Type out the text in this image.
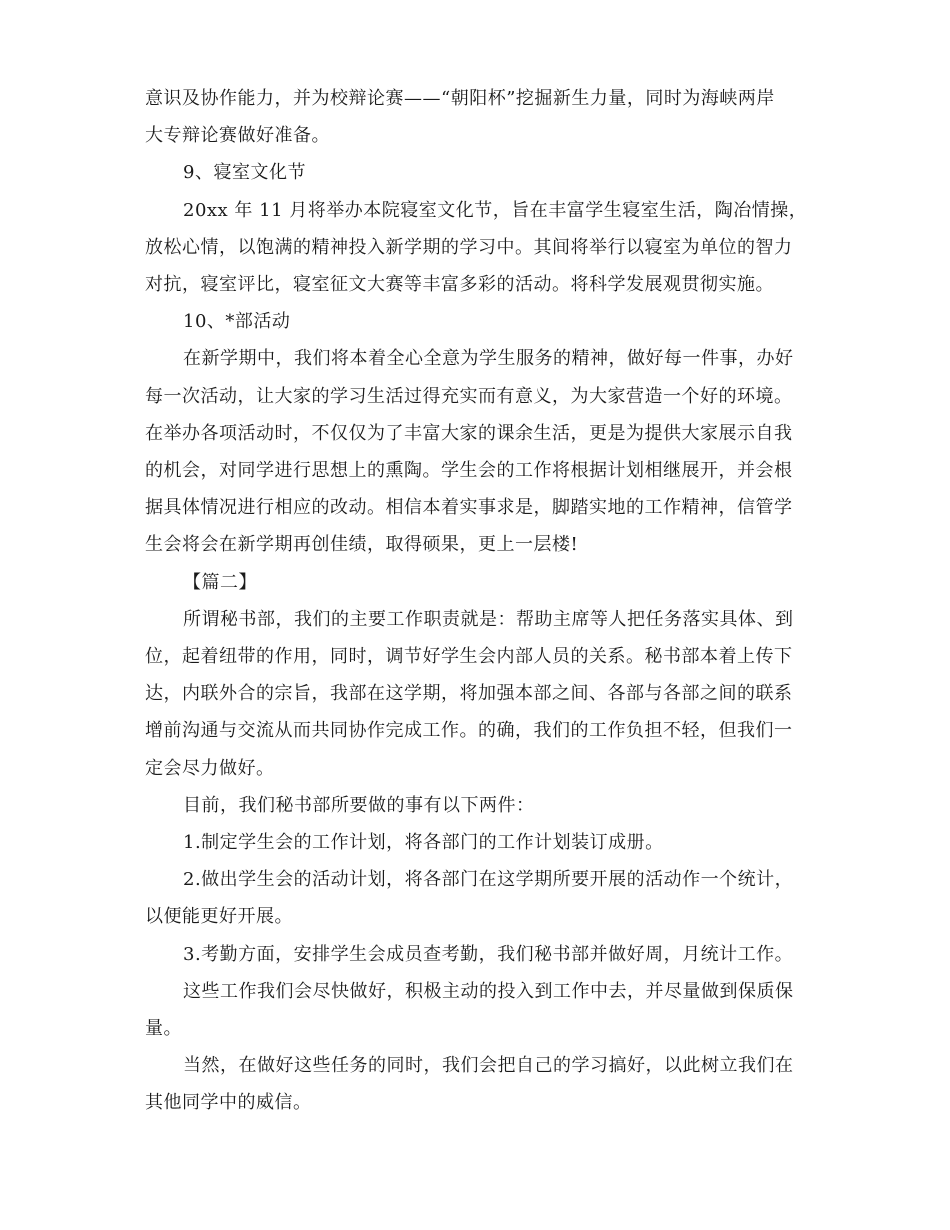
意识及协作能力，并为校辩论赛——“朝阳杯”挖掘新生力量，同时为海峡两岸
大专辩论赛做好准备。
9、寝室文化节
20xx 年 11 月将举办本院寝室文化节，旨在丰富学生寝室生活，陶冶情操，
放松心情，以饱满的精神投入新学期的学习中。其间将举行以寝室为单位的智力
对抗，寝室评比，寝室征文大赛等丰富多彩的活动。将科学发展观贯彻实施。
10、*部活动
在新学期中，我们将本着全心全意为学生服务的精神，做好每一件事，办好
每一次活动，让大家的学习生活过得充实而有意义，为大家营造一个好的环境。
在举办各项活动时，不仅仅为了丰富大家的课余生活，更是为提供大家展示自我
的机会，对同学进行思想上的熏陶。学生会的工作将根据计划相继展开，并会根
据具体情况进行相应的改动。相信本着实事求是，脚踏实地的工作精神，信管学
生会将会在新学期再创佳绩，取得硕果，更上一层楼!
【篇二】
所谓秘书部，我们的主要工作职责就是：帮助主席等人把任务落实具体、到
位，起着纽带的作用，同时，调节好学生会内部人员的关系。秘书部本着上传下
达，内联外合的宗旨，我部在这学期，将加强本部之间、各部与各部之间的联系
增前沟通与交流从而共同协作完成工作。的确，我们的工作负担不轻，但我们一
定会尽力做好。
目前，我们秘书部所要做的事有以下两件：
1.制定学生会的工作计划，将各部门的工作计划装订成册。
2.做出学生会的活动计划，将各部门在这学期所要开展的活动作一个统计，
以便能更好开展。
3.考勤方面，安排学生会成员查考勤，我们秘书部并做好周，月统计工作。
这些工作我们会尽快做好，积极主动的投入到工作中去，并尽量做到保质保
量。
当然，在做好这些任务的同时，我们会把自己的学习搞好，以此树立我们在
其他同学中的威信。
